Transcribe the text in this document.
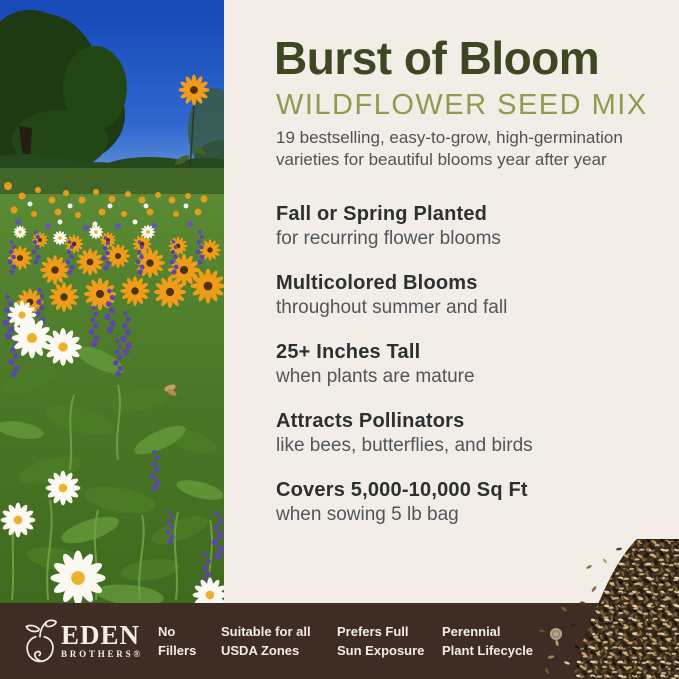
Burst of Bloom
WILDFLOWER SEED MIX
19 bestselling, easy-to-grow, high-germination varieties for beautiful blooms year after year
Fall or Spring Planted
for recurring flower blooms
Multicolored Blooms
throughout summer and fall
25+ Inches Tall
when plants are mature
Attracts Pollinators
like bees, butterflies, and birds
Covers 5,000-10,000 Sq Ft
when sowing 5 lb bag
EDEN
BROTHERS®
No
Fillers
Suitable for all
USDA Zones
Prefers Full
Sun Exposure
Perennial
Plant Lifecycle
